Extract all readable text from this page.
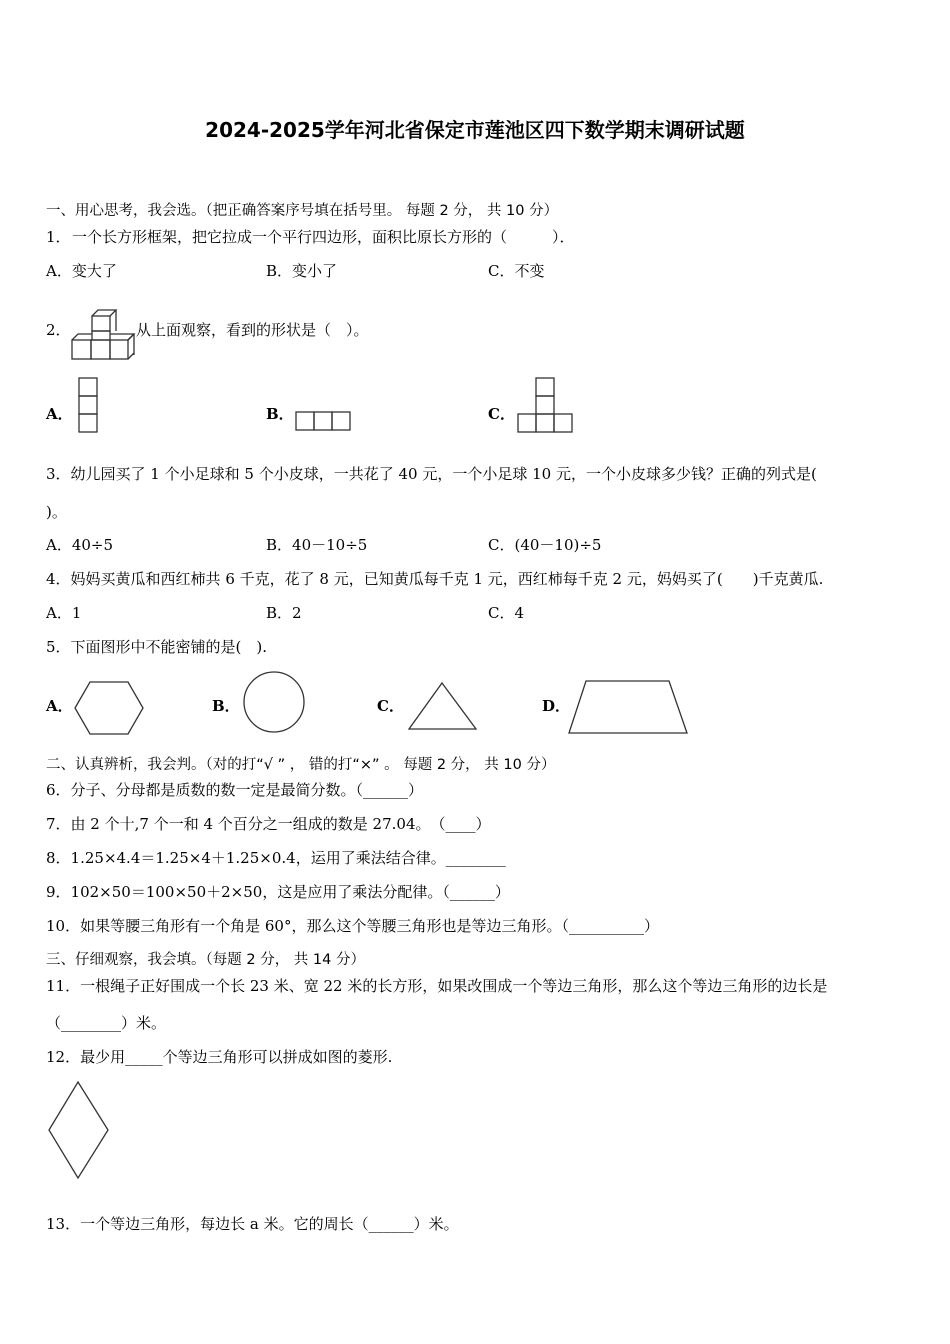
2024-2025学年河北省保定市莲池区四下数学期末调研试题
一、用心思考，我会选。（把正确答案序号填在括号里。 每题 2 分， 共 10 分）
1． 一个长方形框架，把它拉成一个平行四边形，面积比原长方形的（　　　）．
A．变大了	B．变小了	C．不变
2．	从上面观察，看到的形状是（　）。
A．	B．	C．
3．幼儿园买了 1 个小足球和 5 个小皮球，一共花了 40 元，一个小足球 10 元，一个小皮球多少钱？正确的列式是(
)。
A．40÷5	B．40－10÷5	C．(40－10)÷5
4．妈妈买黄瓜和西红柿共 6 千克，花了 8 元，已知黄瓜每千克 1 元，西红柿每千克 2 元，妈妈买了(　　)千克黄瓜.
A．1	B．2	C．4
5．下面图形中不能密铺的是(　).
A．	B．	C．	D．
二、认真辨析，我会判。（对的打“√ ” ， 错的打“×” 。 每题 2 分， 共 10 分）
6．分子、分母都是质数的数一定是最简分数。（______）
7．由 2 个十,7 个一和 4 个百分之一组成的数是 27.04。　（____）
8．1.25×4.4＝1.25×4＋1.25×0.4，运用了乘法结合律。________
9．102×50＝100×50＋2×50，这是应用了乘法分配律。（______）
10．如果等腰三角形有一个角是 60°，那么这个等腰三角形也是等边三角形。（__________）
三、仔细观察，我会填。（每题 2 分， 共 14 分）
11．一根绳子正好围成一个长 23 米、宽 22 米的长方形，如果改围成一个等边三角形，那么这个等边三角形的边长是
（________）米。
12．最少用_____个等边三角形可以拼成如图的菱形.
13．一个等边三角形，每边长 a 米。它的周长（______）米。
